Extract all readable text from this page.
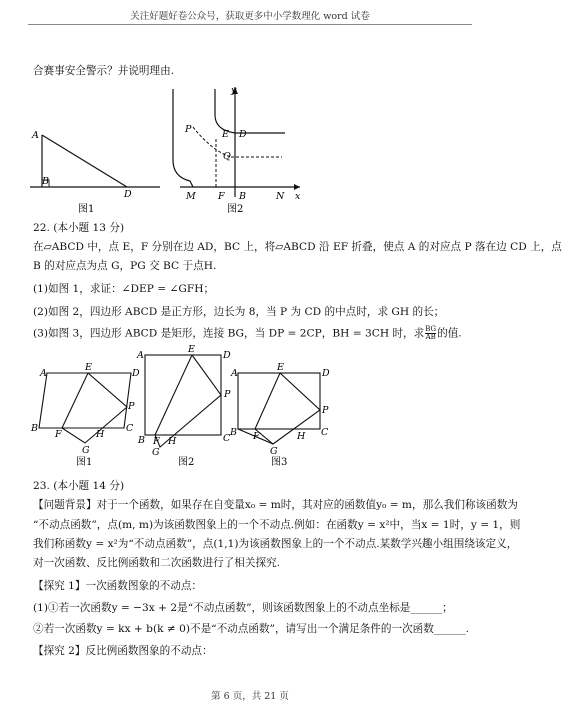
关注好题好卷公众号，获取更多中小学数理化 word 试卷
合赛事安全警示？并说明理由.
A
B
D
y
P	E D
Q
M F B	N x
图1	图2
22. (本小题 13 分)
在▱ABCD 中，点 E，F 分别在边 AD，BC 上，将▱ABCD 沿 EF 折叠，使点 A 的对应点 P 落在边 CD 上，点
B 的对应点为点 G，PG 交 BC 于点H.
(1)如图 1，求证：∠DEP = ∠GFH；
(2)如图 2，四边形 ABCD 是正方形，边长为 8，当 P 为 CD 的中点时，求 GH 的长；
(3)如图 3，四边形 ABCD 是矩形，连接 BG，当 DP = 2CP，BH = 3CH 时，求 $\frac{BG}{AB}$ 的值.
A
E
D
P
B
F	H
C
G
图1
A
E
D
P
B F H	C
G
图2
A
E
D
P
B F	H C
G
图3
23. (本小题 14 分)
【问题背景】对于一个函数，如果存在自变量x₀ = m时，其对应的函数值y₀ = m，那么我们称该函数为
“不动点函数”，点(m, m)为该函数图象上的一个不动点.例如：在函数y = x²中，当x = 1时，y = 1，则
我们称函数y = x²为“不动点函数”，点(1,1)为该函数图象上的一个不动点.某数学兴趣小组围绕该定义，
对一次函数、反比例函数和二次函数进行了相关探究.
【探究 1】一次函数图象的不动点：
(1)①若一次函数y = −3x + 2是“不动点函数”，则该函数图象上的不动点坐标是______；
②若一次函数y = kx + b(k ≠ 0)不是“不动点函数”，请写出一个满足条件的一次函数______.
【探究 2】反比例函数图象的不动点：
第 6 页，共 21 页
